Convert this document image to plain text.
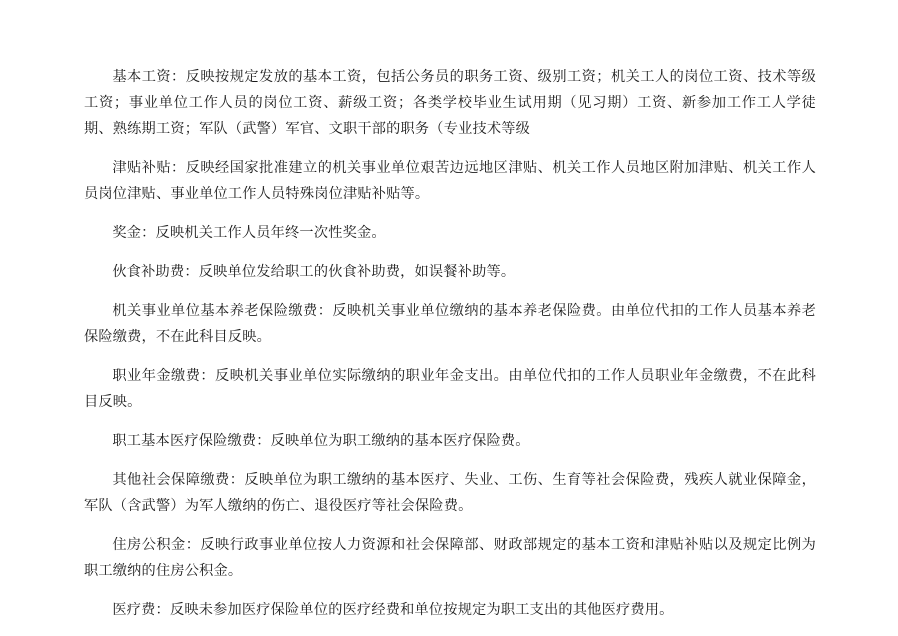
基本工资：反映按规定发放的基本工资，包括公务员的职务工资、级别工资；机关工人的岗位工资、技术等级工资；事业单位工作人员的岗位工资、薪级工资；各类学校毕业生试用期（见习期）工资、新参加工作工人学徒期、熟练期工资；军队（武警）军官、文职干部的职务（专业技术等级

津贴补贴：反映经国家批准建立的机关事业单位艰苦边远地区津贴、机关工作人员地区附加津贴、机关工作人员岗位津贴、事业单位工作人员特殊岗位津贴补贴等。

奖金：反映机关工作人员年终一次性奖金。

伙食补助费：反映单位发给职工的伙食补助费，如误餐补助等。

机关事业单位基本养老保险缴费：反映机关事业单位缴纳的基本养老保险费。由单位代扣的工作人员基本养老保险缴费，不在此科目反映。

职业年金缴费：反映机关事业单位实际缴纳的职业年金支出。由单位代扣的工作人员职业年金缴费，不在此科目反映。

职工基本医疗保险缴费：反映单位为职工缴纳的基本医疗保险费。

其他社会保障缴费：反映单位为职工缴纳的基本医疗、失业、工伤、生育等社会保险费，残疾人就业保障金，军队（含武警）为军人缴纳的伤亡、退役医疗等社会保险费。

住房公积金：反映行政事业单位按人力资源和社会保障部、财政部规定的基本工资和津贴补贴以及规定比例为职工缴纳的住房公积金。

医疗费：反映未参加医疗保险单位的医疗经费和单位按规定为职工支出的其他医疗费用。
